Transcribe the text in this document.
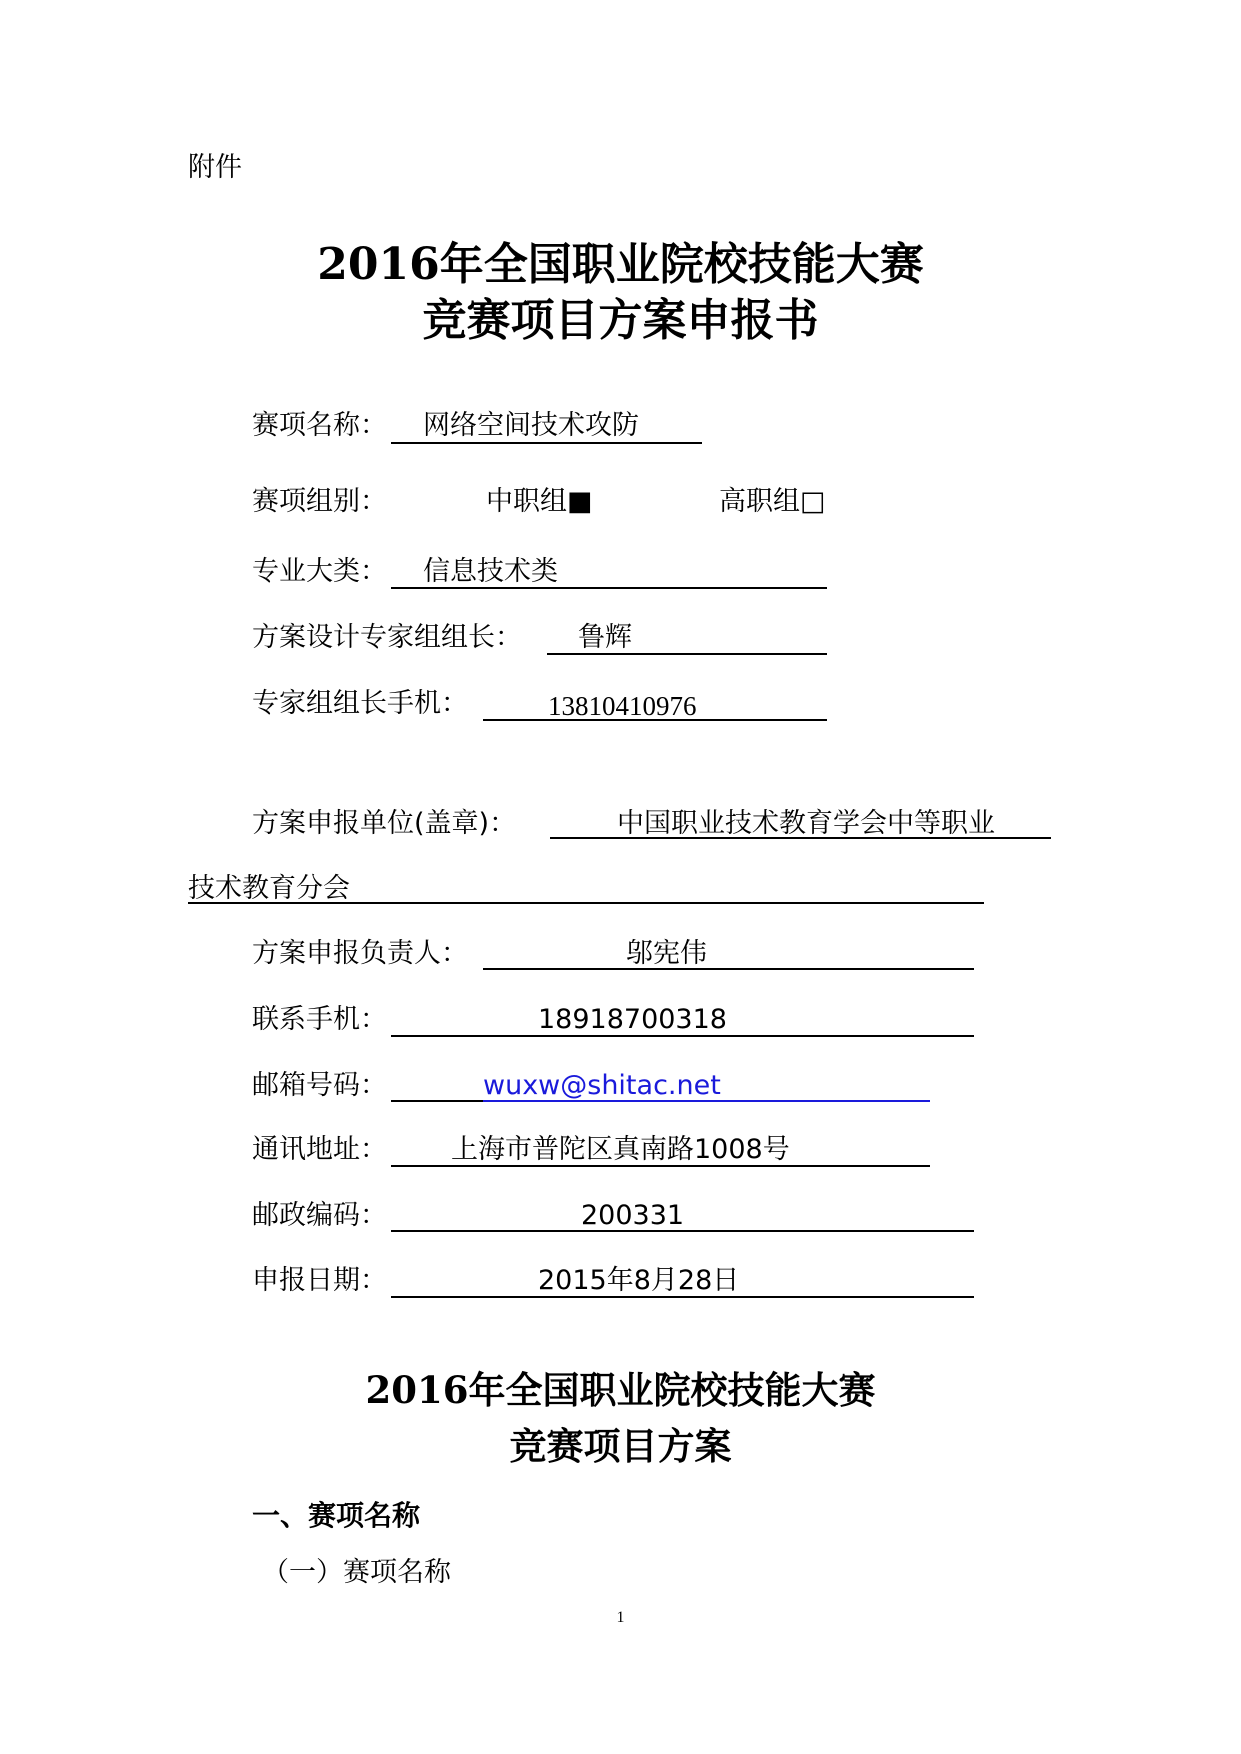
附件
2016年全国职业院校技能大赛
竞赛项目方案申报书
赛项名称： 网络空间技术攻防
赛项组别：	中职组■	高职组□
专业大类： 信息技术类
方案设计专家组组长： 鲁辉
专家组组长手机：	13810410976
方案申报单位(盖章)：	中国职业技术教育学会中等职业
技术教育分会
方案申报负责人：	邬宪伟
联系手机：	18918700318
邮箱号码：	wuxw@shitac.net
通讯地址： 上海市普陀区真南路1008号
邮政编码：	200331
申报日期：	2015年8月28日
2016年全国职业院校技能大赛
竞赛项目方案
一、赛项名称
（一）赛项名称
1
